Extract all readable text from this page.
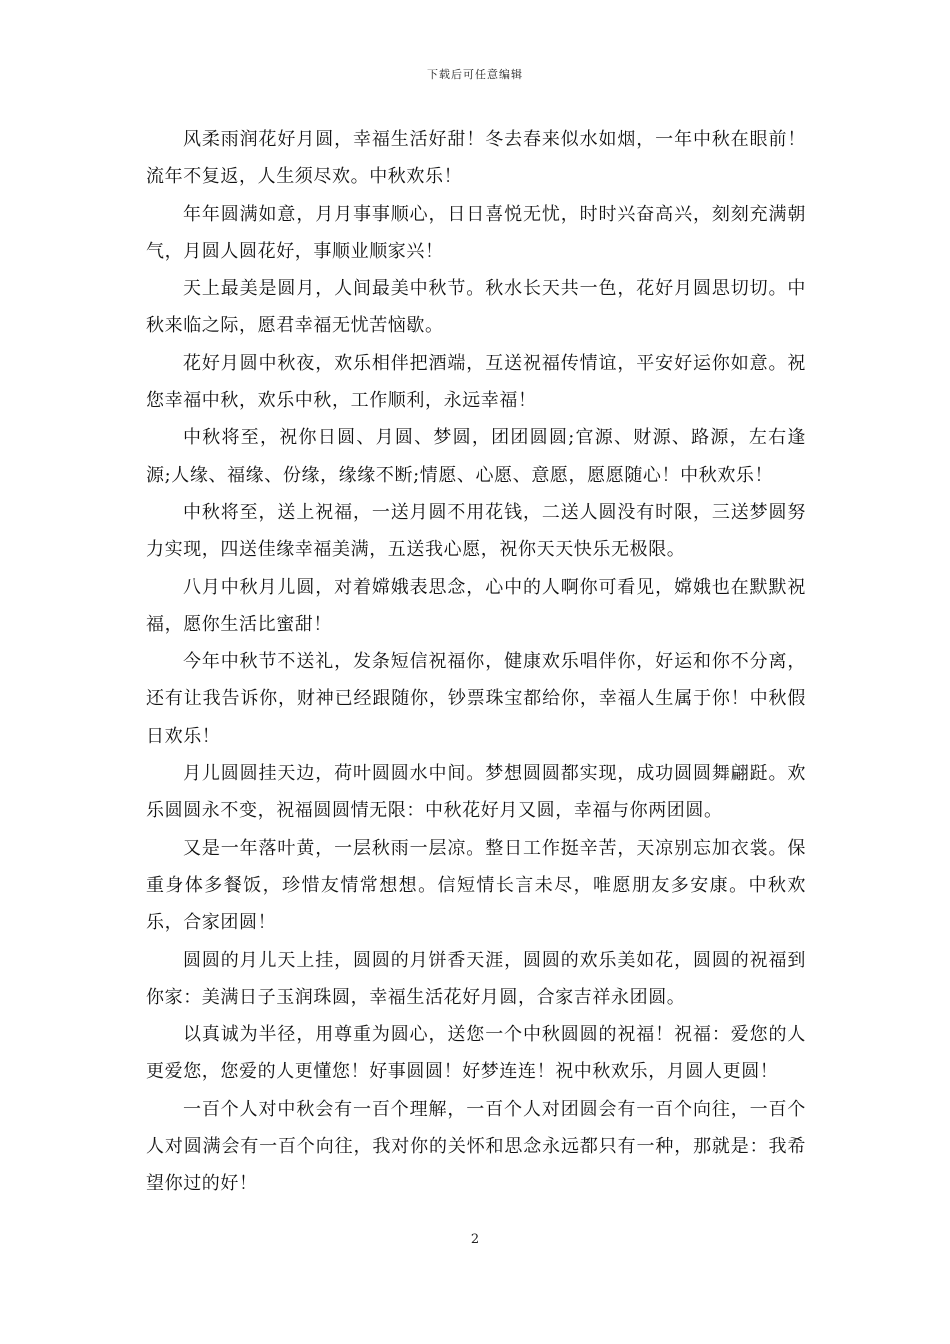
下载后可任意编辑

风柔雨润花好月圆，幸福生活好甜！冬去春来似水如烟，一年中秋在眼前！流年不复返，人生须尽欢。中秋欢乐！

年年圆满如意，月月事事顺心，日日喜悦无忧，时时兴奋高兴，刻刻充满朝气，月圆人圆花好，事顺业顺家兴！

天上最美是圆月，人间最美中秋节。秋水长天共一色，花好月圆思切切。中秋来临之际，愿君幸福无忧苦恼歇。

花好月圆中秋夜，欢乐相伴把酒端，互送祝福传情谊，平安好运你如意。祝您幸福中秋，欢乐中秋，工作顺利，永远幸福！

中秋将至，祝你日圆、月圆、梦圆，团团圆圆;官源、财源、路源，左右逢源;人缘、福缘、份缘，缘缘不断;情愿、心愿、意愿，愿愿随心！中秋欢乐！

中秋将至，送上祝福，一送月圆不用花钱，二送人圆没有时限，三送梦圆努力实现，四送佳缘幸福美满，五送我心愿，祝你天天快乐无极限。

八月中秋月儿圆，对着嫦娥表思念，心中的人啊你可看见，嫦娥也在默默祝福，愿你生活比蜜甜！

今年中秋节不送礼，发条短信祝福你，健康欢乐唱伴你，好运和你不分离，还有让我告诉你，财神已经跟随你，钞票珠宝都给你，幸福人生属于你！中秋假日欢乐！

月儿圆圆挂天边，荷叶圆圆水中间。梦想圆圆都实现，成功圆圆舞翩跹。欢乐圆圆永不变，祝福圆圆情无限：中秋花好月又圆，幸福与你两团圆。

又是一年落叶黄，一层秋雨一层凉。整日工作挺辛苦，天凉别忘加衣裳。保重身体多餐饭，珍惜友情常想想。信短情长言未尽，唯愿朋友多安康。中秋欢乐，合家团圆！

圆圆的月儿天上挂，圆圆的月饼香天涯，圆圆的欢乐美如花，圆圆的祝福到你家：美满日子玉润珠圆，幸福生活花好月圆，合家吉祥永团圆。

以真诚为半径，用尊重为圆心，送您一个中秋圆圆的祝福！祝福：爱您的人更爱您，您爱的人更懂您！好事圆圆！好梦连连！祝中秋欢乐，月圆人更圆！

一百个人对中秋会有一百个理解，一百个人对团圆会有一百个向往，一百个人对圆满会有一百个向往，我对你的关怀和思念永远都只有一种，那就是：我希望你过的好！

2
